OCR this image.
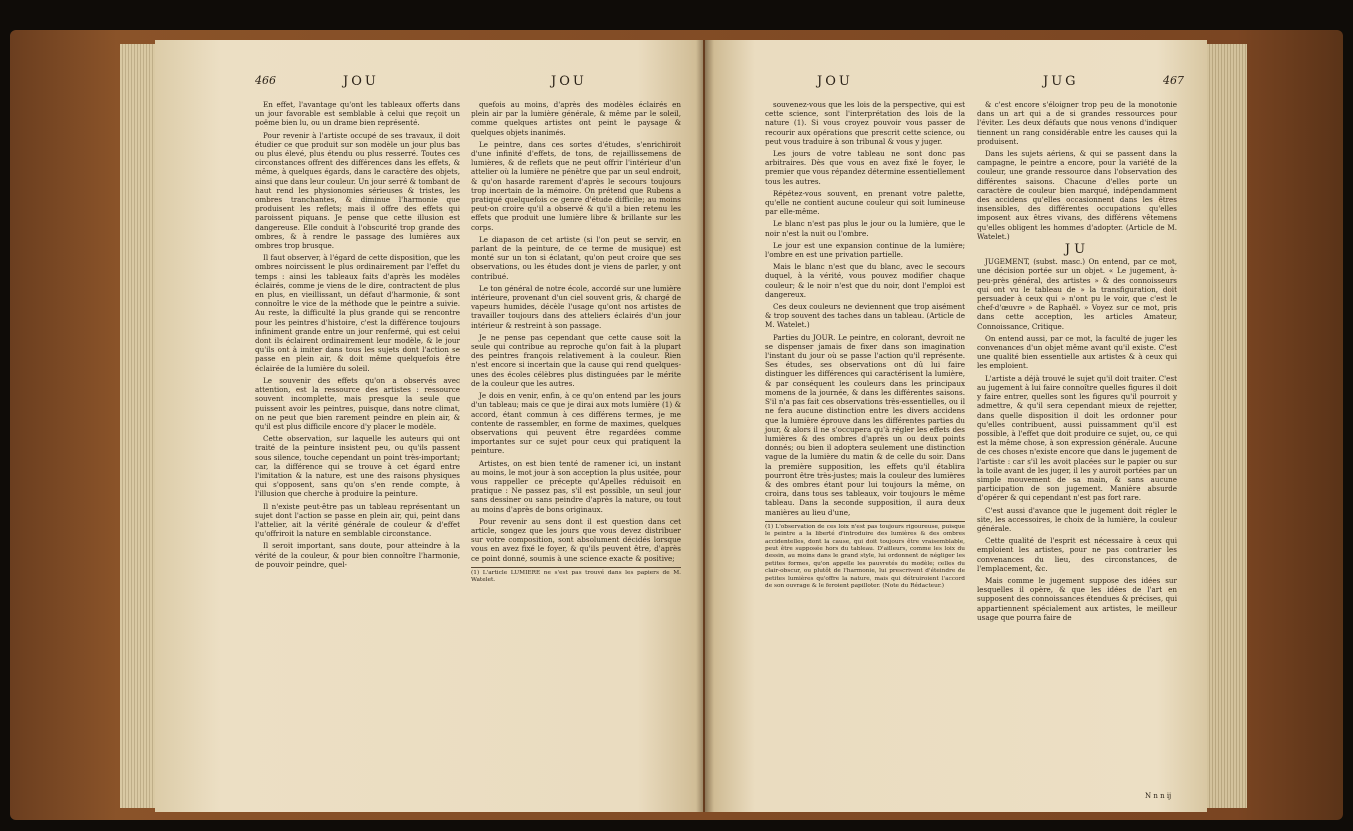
466	JOU	JOU

En effet, l'avantage qu'ont les tableaux offerts dans un jour favorable est semblable à celui que reçoit un poëme bien lu, ou un drame bien représenté.

Pour revenir à l'artiste occupé de ses travaux, il doit étudier ce que produit sur son modèle un jour plus bas ou plus élevé, plus étendu ou plus resserré. Toutes ces circonstances offrent des différences dans les effets, & même, à quelques égards, dans le caractère des objets, ainsi que dans leur couleur. Un jour serré & tombant de haut rend les physionomies sérieuses & tristes, les ombres tranchantes, & diminue l'harmonie que produisent les reflets; mais il offre des effets qui paroissent piquans. Je pense que cette illusion est dangereuse. Elle conduit à l'obscurité trop grande des ombres, & à rendre le passage des lumières aux ombres trop brusque.

Il faut observer, à l'égard de cette disposition, que les ombres noircissent le plus ordinairement par l'effet du temps : ainsi les tableaux faits d'après les modèles éclairés, comme je viens de le dire, contractent de plus en plus, en vieillissant, un défaut d'harmonie, & sont connoître le vice de la méthode que le peintre a suivie. Au reste, la difficulté la plus grande qui se rencontre pour les peintres d'histoire, c'est la différence toujours infiniment grande entre un jour renfermé, qui est celui dont ils éclairent ordinairement leur modèle, & le jour qu'ils ont à imiter dans tous les sujets dont l'action se passe en plein air, & doit même quelquefois être éclairée de la lumière du soleil.

Le souvenir des effets qu'on a observés avec attention, est la ressource des artistes : ressource souvent incomplette, mais presque la seule que puissent avoir les peintres, puisque, dans notre climat, on ne peut que bien rarement peindre en plein air, & qu'il est plus difficile encore d'y placer le modèle.

Cette observation, sur laquelle les auteurs qui ont traité de la peinture insistent peu, ou qu'ils passent sous silence, touche cependant un point très-important; car, la différence qui se trouve à cet égard entre l'imitation & la nature, est une des raisons physiques qui s'opposent, sans qu'on s'en rende compte, à l'illusion que cherche à produire la peinture.

Il n'existe peut-être pas un tableau représentant un sujet dont l'action se passe en plein air, qui, peint dans l'attelier, ait la vérité générale de couleur & d'effet qu'offriroit la nature en semblable circonstance.

Il seroit important, sans doute, pour atteindre à la vérité de la couleur, & pour bien connoître l'harmonie, de pouvoir peindre, quel-

quefois au moins, d'après des modèles éclairés en plein air par la lumière générale, & même par le soleil, comme quelques artistes ont peint le paysage & quelques objets inanimés.

Le peintre, dans ces sortes d'études, s'enrichiroit d'une infinité d'effets, de tons, de rejaillissemens de lumières, & de reflets que ne peut offrir l'intérieur d'un attelier où la lumière ne pénètre que par un seul endroit, & qu'on hasarde rarement d'après le secours toujours trop incertain de la mémoire. On prétend que Rubens a pratiqué quelquefois ce genre d'étude difficile; au moins peut-on croire qu'il a observé & qu'il a bien retenu les effets que produit une lumière libre & brillante sur les corps.

Le diapason de cet artiste (si l'on peut se servir, en parlant de la peinture, de ce terme de musique) est monté sur un ton si éclatant, qu'on peut croire que ses observations, ou les études dont je viens de parler, y ont contribué.

Le ton général de notre école, accordé sur une lumière intérieure, provenant d'un ciel souvent gris, & chargé de vapeurs humides, décèle l'usage qu'ont nos artistes de travailler toujours dans des atteliers éclairés d'un jour intérieur & restreint à son passage.

Je ne pense pas cependant que cette cause soit la seule qui contribue au reproche qu'on fait à la plupart des peintres françois relativement à la couleur. Rien n'est encore si incertain que la cause qui rend quelques-unes des écoles célèbres plus distinguées par le mérite de la couleur que les autres.

Je dois en venir, enfin, à ce qu'on entend par les jours d'un tableau; mais ce que je dirai aux mots lumière (1) & accord, étant commun à ces différens termes, je me contente de rassembler, en forme de maximes, quelques observations qui peuvent être regardées comme importantes sur ce sujet pour ceux qui pratiquent la peinture.

Artistes, on est bien tenté de ramener ici, un instant au moins, le mot jour à son acception la plus usitée, pour vous rappeller ce précepte qu'Apelles réduisoit en pratique : Ne passez pas, s'il est possible, un seul jour sans dessiner ou sans peindre d'après la nature, ou tout au moins d'après de bons originaux.

Pour revenir au sens dont il est question dans cet article, songez que les jours que vous devez distribuer sur votre composition, sont absolument décidés lorsque vous en avez fixé le foyer, & qu'ils peuvent être, d'après ce point donné, soumis à une science exacte & positive;

(1) L'article LUMIERE ne s'est pas trouvé dans les papiers de M. Watelet.
JOU	JUG	467

souvenez-vous que les lois de la perspective, qui est cette science, sont l'interprétation des lois de la nature (1). Si vous croyez pouvoir vous passer de recourir aux opérations que prescrit cette science, ou peut vous traduire à son tribunal & vous y juger.

Les jours de votre tableau ne sont donc pas arbitraires. Dès que vous en avez fixé le foyer, le premier que vous répandez détermine essentiellement tous les autres.

Répétez-vous souvent, en prenant votre palette, qu'elle ne contient aucune couleur qui soit lumineuse par elle-même.

Le blanc n'est pas plus le jour ou la lumière, que le noir n'est la nuit ou l'ombre.

Le jour est une expansion continue de la lumière; l'ombre en est une privation partielle.

Mais le blanc n'est que du blanc, avec le secours duquel, à la vérité, vous pouvez modifier chaque couleur; & le noir n'est que du noir, dont l'emploi est dangereux.

Ces deux couleurs ne deviennent que trop aisément & trop souvent des taches dans un tableau. (Article de M. Watelet.)

Parties du JOUR. Le peintre, en colorant, devroit ne se dispenser jamais de fixer dans son imagination l'instant du jour où se passe l'action qu'il représente. Ses études, ses observations ont dû lui faire distinguer les différences qui caractérisent la lumière, & par conséquent les couleurs dans les principaux momens de la journée, & dans les différentes saisons. S'il n'a pas fait ces observations très-essentielles, ou il ne fera aucune distinction entre les divers accidens que la lumière éprouve dans les différentes parties du jour, & alors il ne s'occupera qu'à régler les effets des lumières & des ombres d'après un ou deux points donnés; ou bien il adoptera seulement une distinction vague de la lumière du matin & de celle du soir. Dans la première supposition, les effets qu'il établira pourront être très-justes; mais la couleur des lumières & des ombres étant pour lui toujours la même, on croira, dans tous ses tableaux, voir toujours le même tableau. Dans la seconde supposition, il aura deux manières au lieu d'une,

(1) L'observation de ces loix n'est pas toujours rigoureuse, puisque le peintre a la liberté d'introduire des lumières & des ombres accidentelles, dont la cause, qui doit toujours être vraisemblable, peut être supposée hors du tableau. D'ailleurs, comme les loix du dessin, au moins dans le grand style, lui ordonnent de négliger les petites formes, qu'on appelle les pauvretés du modèle; celles du clair-obscur, ou plutôt de l'harmonie, lui prescrivent d'éteindre de petites lumières qu'offre la nature, mais qui détruiroient l'accord de son ouvrage & le feroient papilloter. (Note du Rédacteur.)

& c'est encore s'éloigner trop peu de la monotonie dans un art qui a de si grandes ressources pour l'éviter. Les deux défauts que nous venons d'indiquer tiennent un rang considérable entre les causes qui la produisent.

Dans les sujets aériens, & qui se passent dans la campagne, le peintre a encore, pour la variété de la couleur, une grande ressource dans l'observation des différentes saisons. Chacune d'elles porte un caractère de couleur bien marqué, indépendamment des accidens qu'elles occasionnent dans les êtres insensibles, des différentes occupations qu'elles imposent aux êtres vivans, des différens vêtemens qu'elles obligent les hommes d'adopter. (Article de M. Watelet.)

JU

JUGEMENT, (subst. masc.) On entend, par ce mot, une décision portée sur un objet. « Le jugement, à-peu-près général, des artistes » & des connoisseurs qui ont vu le tableau de » la transfiguration, doit persuader à ceux qui » n'ont pu le voir, que c'est le chef-d'œuvre » de Raphaël. » Voyez sur ce mot, pris dans cette acception, les articles Amateur, Connoissance, Critique.

On entend aussi, par ce mot, la faculté de juger les convenances d'un objet même avant qu'il existe. C'est une qualité bien essentielle aux artistes & à ceux qui les emploient.

L'artiste a déjà trouvé le sujet qu'il doit traiter. C'est au jugement à lui faire connoître quelles figures il doit y faire entrer, quelles sont les figures qu'il pourroit y admettre, & qu'il sera cependant mieux de rejetter, dans quelle disposition il doit les ordonner pour qu'elles contribuent, aussi puissamment qu'il est possible, à l'effet que doit produire ce sujet, ou, ce qui est la même chose, à son expression générale. Aucune de ces choses n'existe encore que dans le jugement de l'artiste : car s'il les avoit placées sur le papier ou sur la toile avant de les juger, il les y auroit portées par un simple mouvement de sa main, & sans aucune participation de son jugement. Manière absurde d'opérer & qui cependant n'est pas fort rare.

C'est aussi d'avance que le jugement doit régler le site, les accessoires, le choix de la lumière, la couleur générale.

Cette qualité de l'esprit est nécessaire à ceux qui emploient les artistes, pour ne pas contrarier les convenances du lieu, des circonstances, de l'emplacement, &c.

Mais comme le jugement suppose des idées sur lesquelles il opère, & que les idées de l'art en supposent des connoissances étendues & précises, qui appartiennent spécialement aux artistes, le meilleur usage que pourra faire de

N n n ij
